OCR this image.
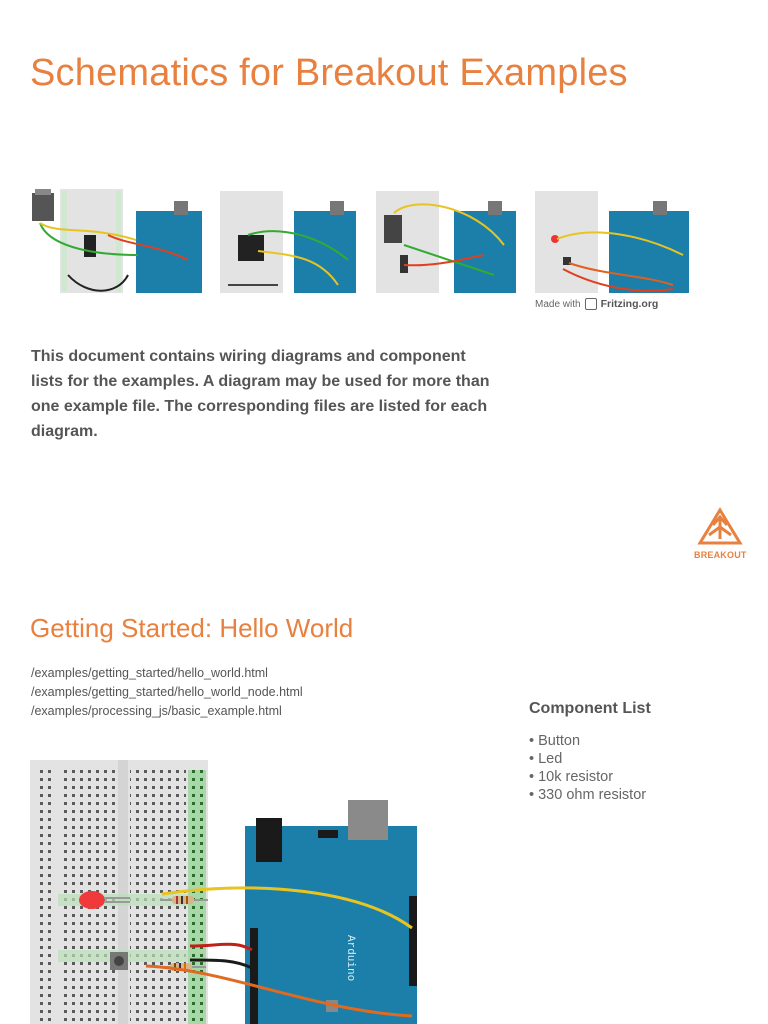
Schematics for Breakout Examples
Made with Fritzing.org

This document contains wiring diagrams and component lists for the examples. A diagram may be used for more than one example file. The corresponding files are listed for each diagram.

BREAKOUT
Getting Started: Hello World
/examples/getting_started/hello_world.html
/examples/getting_started/hello_world_node.html
/examples/processing_js/basic_example.html	Component List
• Button
• Led
• 10k resistor
• 330 ohm resistor
Arduino
